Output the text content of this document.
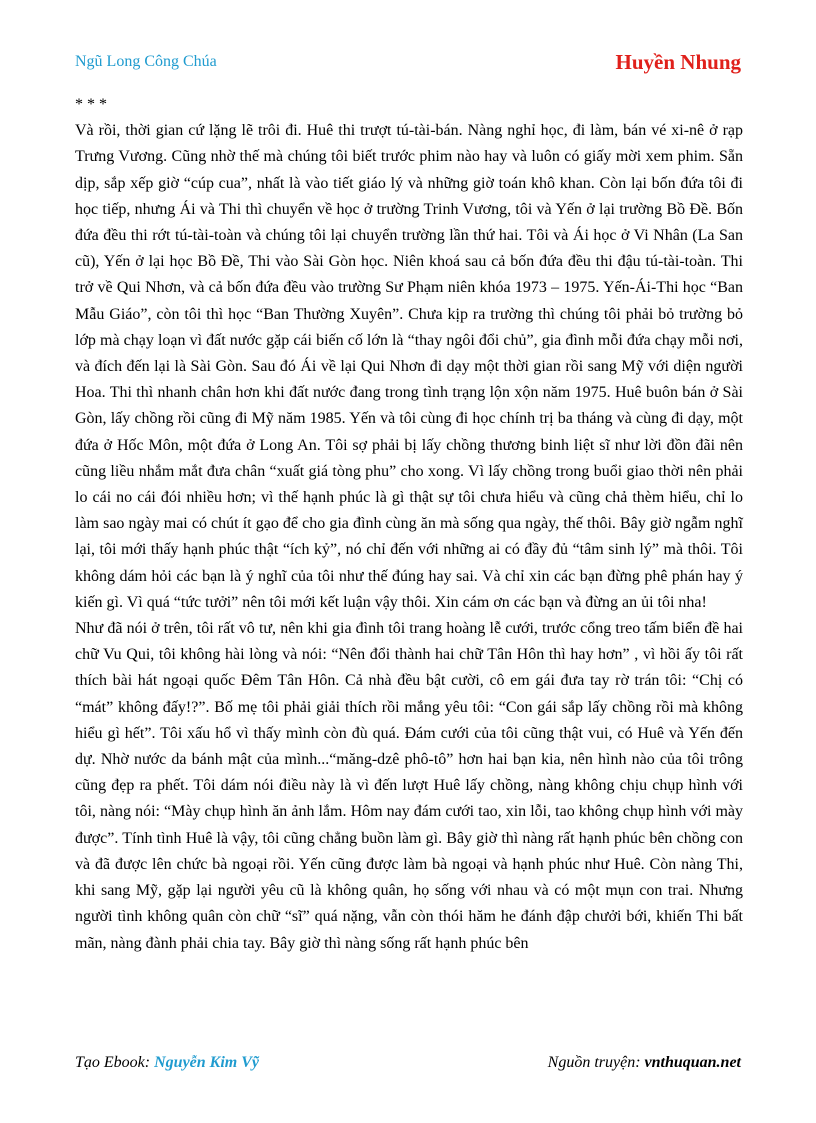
Ngũ Long Công Chúa	Huyền Nhung

* * *

Và rồi, thời gian cứ lặng lẽ trôi đi. Huê thi trượt tú-tài-bán. Nàng nghỉ học, đi làm, bán vé xi-nê ở rạp Trưng Vương. Cũng nhờ thế mà chúng tôi biết trước phim nào hay và luôn có giấy mời xem phim. Sẵn dịp, sắp xếp giờ “cúp cua”, nhất là vào tiết giáo lý và những giờ toán khô khan. Còn lại bốn đứa tôi đi học tiếp, nhưng Ái và Thi thì chuyển về học ở trường Trinh Vương, tôi và Yến ở lại trường Bồ Đề. Bốn đứa đều thi rớt tú-tài-toàn và chúng tôi lại chuyển trường lần thứ hai. Tôi và Ái học ở Vi Nhân (La San cũ), Yến ở lại học Bồ Đề, Thi vào Sài Gòn học. Niên khoá sau cả bốn đứa đều thi đậu tú-tài-toàn. Thi trở về Qui Nhơn, và cả bốn đứa đều vào trường Sư Phạm niên khóa 1973 – 1975. Yến-Ái-Thi học “Ban Mẫu Giáo”, còn tôi thì học “Ban Thường Xuyên”. Chưa kịp ra trường thì chúng tôi phải bỏ trường bỏ lớp mà chạy loạn vì đất nước gặp cái biến cố lớn là “thay ngôi đổi chủ”, gia đình mỗi đứa chạy mỗi nơi, và đích đến lại là Sài Gòn. Sau đó Ái về lại Qui Nhơn đi dạy một thời gian rồi sang Mỹ với diện người Hoa. Thi thì nhanh chân hơn khi đất nước đang trong tình trạng lộn xộn năm 1975. Huê buôn bán ở Sài Gòn, lấy chồng rồi cũng đi Mỹ năm 1985. Yến và tôi cùng đi học chính trị ba tháng và cùng đi dạy, một đứa ở Hốc Môn, một đứa ở Long An. Tôi sợ phải bị lấy chồng thương binh liệt sĩ như lời đồn đãi nên cũng liều nhắm mắt đưa chân “xuất giá tòng phu” cho xong. Vì lấy chồng trong buổi giao thời nên phải lo cái no cái đói nhiều hơn; vì thế hạnh phúc là gì thật sự tôi chưa hiểu và cũng chả thèm hiểu, chỉ lo làm sao ngày mai có chút ít gạo để cho gia đình cùng ăn mà sống qua ngày, thế thôi. Bây giờ ngẫm nghĩ lại, tôi mới thấy hạnh phúc thật “ích kỷ”, nó chỉ đến với những ai có đầy đủ “tâm sinh lý” mà thôi. Tôi không dám hỏi các bạn là ý nghĩ của tôi như thế đúng hay sai. Và chỉ xin các bạn đừng phê phán hay ý kiến gì. Vì quá “tức tưởi” nên tôi mới kết luận vậy thôi. Xin cám ơn các bạn và đừng an ủi tôi nha!

Như đã nói ở trên, tôi rất vô tư, nên khi gia đình tôi trang hoàng lễ cưới, trước cổng treo tấm biển đề hai chữ Vu Qui, tôi không hài lòng và nói: “Nên đổi thành hai chữ Tân Hôn thì hay hơn” , vì hồi ấy tôi rất thích bài hát ngoại quốc Đêm Tân Hôn. Cả nhà đều bật cười, cô em gái đưa tay rờ trán tôi: “Chị có “mát” không đấy!?”. Bố mẹ tôi phải giải thích rồi mắng yêu tôi: “Con gái sắp lấy chồng rồi mà không hiểu gì hết”. Tôi xấu hổ vì thấy mình còn đù quá. Đám cưới của tôi cũng thật vui, có Huê và Yến đến dự. Nhờ nước da bánh mật của mình...“măng-dzê phô-tô” hơn hai bạn kia, nên hình nào của tôi trông cũng đẹp ra phết. Tôi dám nói điều này là vì đến lượt Huê lấy chồng, nàng không chịu chụp hình với tôi, nàng nói: “Mày chụp hình ăn ảnh lắm. Hôm nay đám cưới tao, xin lỗi, tao không chụp hình với mày được”. Tính tình Huê là vậy, tôi cũng chẳng buồn làm gì. Bây giờ thì nàng rất hạnh phúc bên chồng con và đã được lên chức bà ngoại rồi. Yến cũng được làm bà ngoại và hạnh phúc như Huê. Còn nàng Thi, khi sang Mỹ, gặp lại người yêu cũ là không quân, họ sống với nhau và có một mụn con trai. Nhưng người tình không quân còn chữ “sĩ” quá nặng, vẫn còn thói hăm he đánh đập chưởi bới, khiến Thi bất mãn, nàng đành phải chia tay. Bây giờ thì nàng sống rất hạnh phúc bên

Tạo Ebook: Nguyễn Kim Vỹ	Nguồn truyện: vnthuquan.net
